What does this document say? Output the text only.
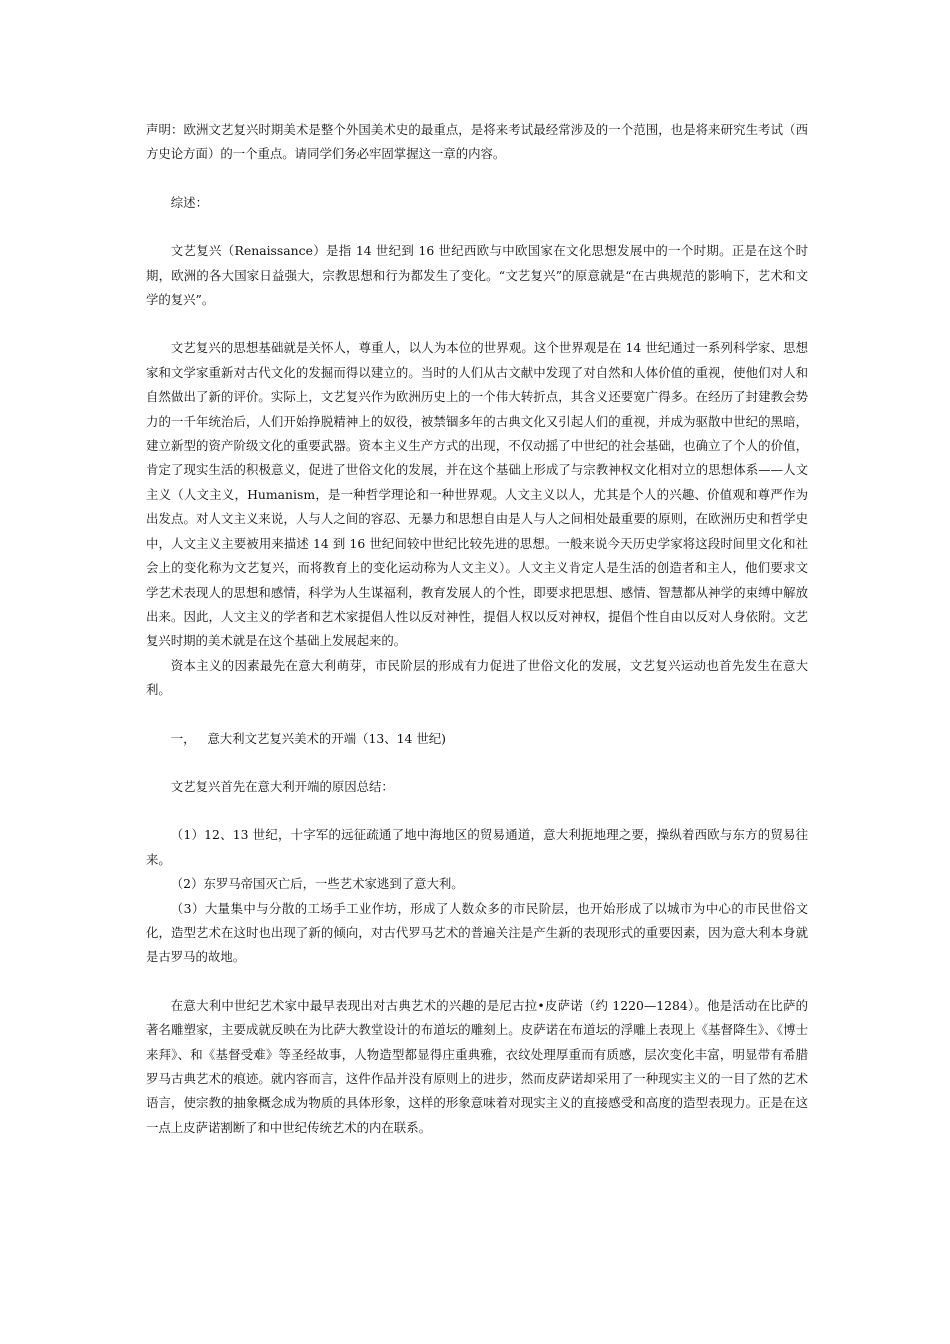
声明：欧洲文艺复兴时期美术是整个外国美术史的最重点，是将来考试最经常涉及的一个范围，也是将来研究生考试（西方史论方面）的一个重点。请同学们务必牢固掌握这一章的内容。

综述：

文艺复兴（Renaissance）是指 14 世纪到 16 世纪西欧与中欧国家在文化思想发展中的一个时期。正是在这个时期，欧洲的各大国家日益强大，宗教思想和行为都发生了变化。“文艺复兴”的原意就是“在古典规范的影响下，艺术和文学的复兴”。

文艺复兴的思想基础就是关怀人，尊重人，以人为本位的世界观。这个世界观是在 14 世纪通过一系列科学家、思想家和文学家重新对古代文化的发掘而得以建立的。当时的人们从古文献中发现了对自然和人体价值的重视，使他们对人和自然做出了新的评价。实际上，文艺复兴作为欧洲历史上的一个伟大转折点，其含义还要宽广得多。在经历了封建教会势力的一千年统治后，人们开始挣脱精神上的奴役，被禁锢多年的古典文化又引起人们的重视，并成为驱散中世纪的黑暗，建立新型的资产阶级文化的重要武器。资本主义生产方式的出现，不仅动摇了中世纪的社会基础，也确立了个人的价值，肯定了现实生活的积极意义，促进了世俗文化的发展，并在这个基础上形成了与宗教神权文化相对立的思想体系——人文主义（人文主义，Humanism，是一种哲学理论和一种世界观。人文主义以人，尤其是个人的兴趣、价值观和尊严作为出发点。对人文主义来说，人与人之间的容忍、无暴力和思想自由是人与人之间相处最重要的原则，在欧洲历史和哲学史中，人文主义主要被用来描述 14 到 16 世纪间较中世纪比较先进的思想。一般来说今天历史学家将这段时间里文化和社会上的变化称为文艺复兴，而将教育上的变化运动称为人文主义）。人文主义肯定人是生活的创造者和主人，他们要求文学艺术表现人的思想和感情，科学为人生谋福利，教育发展人的个性，即要求把思想、感情、智慧都从神学的束缚中解放出来。因此，人文主义的学者和艺术家提倡人性以反对神性，提倡人权以反对神权，提倡个性自由以反对人身依附。文艺复兴时期的美术就是在这个基础上发展起来的。

资本主义的因素最先在意大利萌芽，市民阶层的形成有力促进了世俗文化的发展，文艺复兴运动也首先发生在意大利。

一，   意大利文艺复兴美术的开端（13、14 世纪)

文艺复兴首先在意大利开端的原因总结：

（1）12、13 世纪，十字军的远征疏通了地中海地区的贸易通道，意大利扼地理之要，操纵着西欧与东方的贸易往来。

（2）东罗马帝国灭亡后，一些艺术家逃到了意大利。

（3）大量集中与分散的工场手工业作坊，形成了人数众多的市民阶层，也开始形成了以城市为中心的市民世俗文化，造型艺术在这时也出现了新的倾向，对古代罗马艺术的普遍关注是产生新的表现形式的重要因素，因为意大利本身就是古罗马的故地。

在意大利中世纪艺术家中最早表现出对古典艺术的兴趣的是尼古拉•皮萨诺（约 1220—1284）。他是活动在比萨的著名雕塑家，主要成就反映在为比萨大教堂设计的布道坛的雕刻上。皮萨诺在布道坛的浮雕上表现上《基督降生》、《博士来拜》、和《基督受难》等圣经故事，人物造型都显得庄重典雅，衣纹处理厚重而有质感，层次变化丰富，明显带有希腊罗马古典艺术的痕迹。就内容而言，这件作品并没有原则上的进步，然而皮萨诺却采用了一种现实主义的一目了然的艺术语言，使宗教的抽象概念成为物质的具体形象，这样的形象意味着对现实主义的直接感受和高度的造型表现力。正是在这一点上皮萨诺割断了和中世纪传统艺术的内在联系。
